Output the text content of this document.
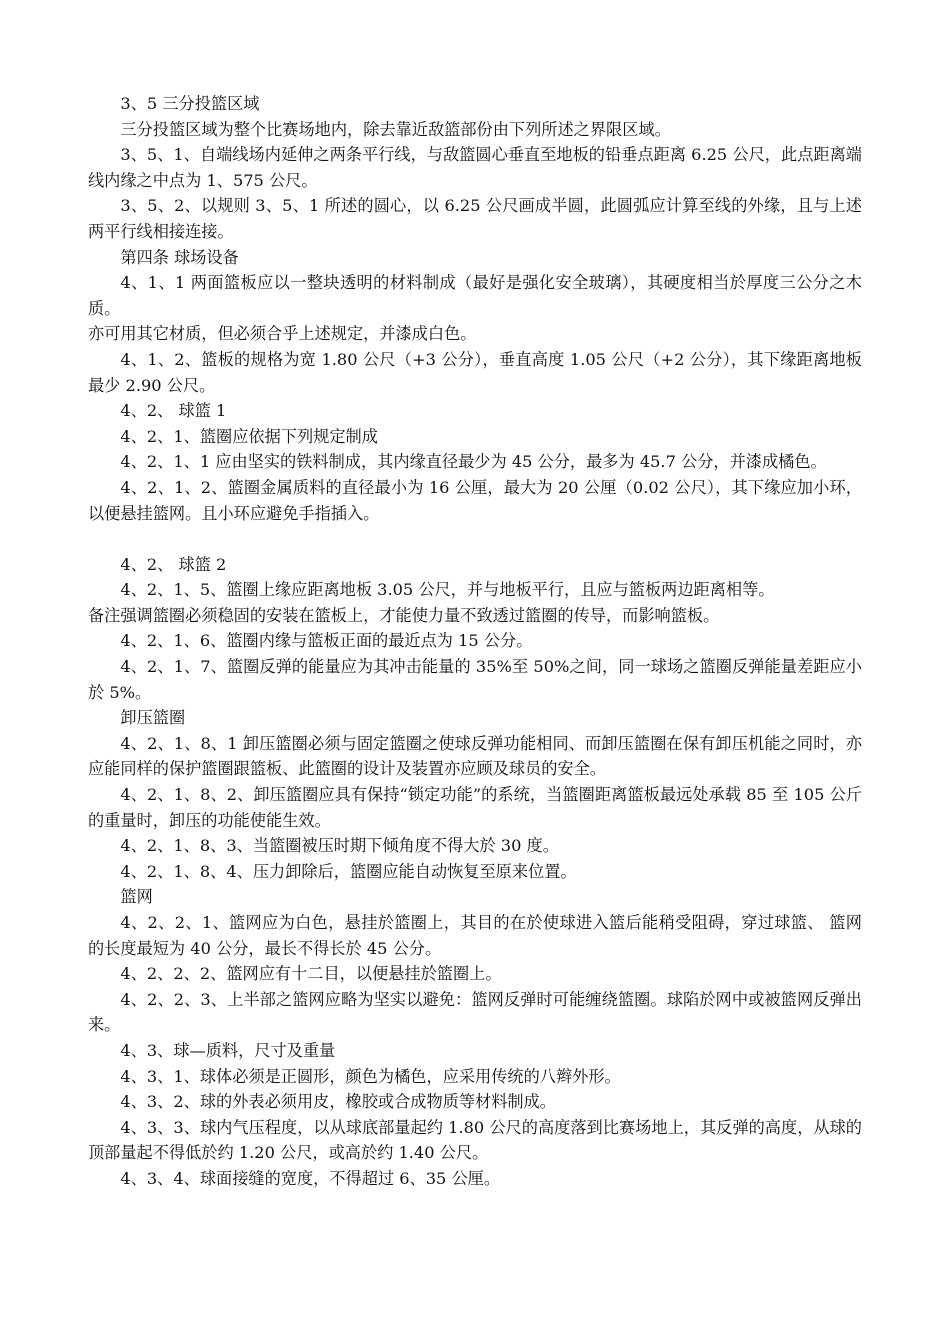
3、5 三分投篮区域

三分投篮区域为整个比赛场地内，除去靠近敌篮部份由下列所述之界限区域。

3、5、1、自端线场内延伸之两条平行线，与敌篮圆心垂直至地板的铅垂点距离 6.25 公尺，此点距离端线内缘之中点为 1、575 公尺。

3、5、2、以规则 3、5、1 所述的圆心，以 6.25 公尺画成半圆，此圆弧应计算至线的外缘，且与上述两平行线相接连接。

第四条 球场设备

4、1、1 两面篮板应以一整块透明的材料制成（最好是强化安全玻璃），其硬度相当於厚度三公分之木质。

亦可用其它材质，但必须合乎上述规定，并漆成白色。

4、1、2、篮板的规格为宽 1.80 公尺（+3 公分），垂直高度 1.05 公尺（+2 公分），其下缘距离地板最少 2.90 公尺。

4、2、 球篮 1

4、2、1、篮圈应依据下列规定制成

4、2、1、1 应由坚实的铁料制成，其内缘直径最少为 45 公分，最多为 45.7 公分，并漆成橘色。

4、2、1、2、篮圈金属质料的直径最小为 16 公厘，最大为 20 公厘（0.02 公尺），其下缘应加小环，以便悬挂篮网。且小环应避免手指插入。

4、2、 球篮 2

4、2、1、5、篮圈上缘应距离地板 3.05 公尺，并与地板平行，且应与篮板两边距离相等。

备注强调篮圈必须稳固的安装在篮板上，才能使力量不致透过篮圈的传导，而影响篮板。

4、2、1、6、篮圈内缘与篮板正面的最近点为 15 公分。

4、2、1、7、篮圈反弹的能量应为其冲击能量的 35%至 50%之间，同一球场之篮圈反弹能量差距应小於 5%。

卸压篮圈

4、2、1、8、1 卸压篮圈必须与固定篮圈之使球反弹功能相同、而卸压篮圈在保有卸压机能之同时，亦应能同样的保护篮圈跟篮板、此篮圈的设计及装置亦应顾及球员的安全。

4、2、1、8、2、卸压篮圈应具有保持“锁定功能”的系统，当篮圈距离篮板最远处承载 85 至 105 公斤的重量时，卸压的功能使能生效。

4、2、1、8、3、当篮圈被压时期下倾角度不得大於 30 度。

4、2、1、8、4、压力卸除后，篮圈应能自动恢复至原来位置。

篮网

4、2、2、1、篮网应为白色，悬挂於篮圈上，其目的在於使球进入篮后能稍受阻碍，穿过球篮、 篮网的长度最短为 40 公分，最长不得长於 45 公分。

4、2、2、2、篮网应有十二目，以便悬挂於篮圈上。

4、2、2、3、上半部之篮网应略为坚实以避免：篮网反弹时可能缠绕篮圈。球陷於网中或被篮网反弹出来。

4、3、球—质料，尺寸及重量

4、3、1、球体必须是正圆形，颜色为橘色，应采用传统的八辫外形。

4、3、2、球的外表必须用皮，橡胶或合成物质等材料制成。

4、3、3、球内气压程度，以从球底部量起约 1.80 公尺的高度落到比赛场地上，其反弹的高度，从球的顶部量起不得低於约 1.20 公尺，或高於约 1.40 公尺。

4、3、4、球面接缝的宽度，不得超过 6、35 公厘。
